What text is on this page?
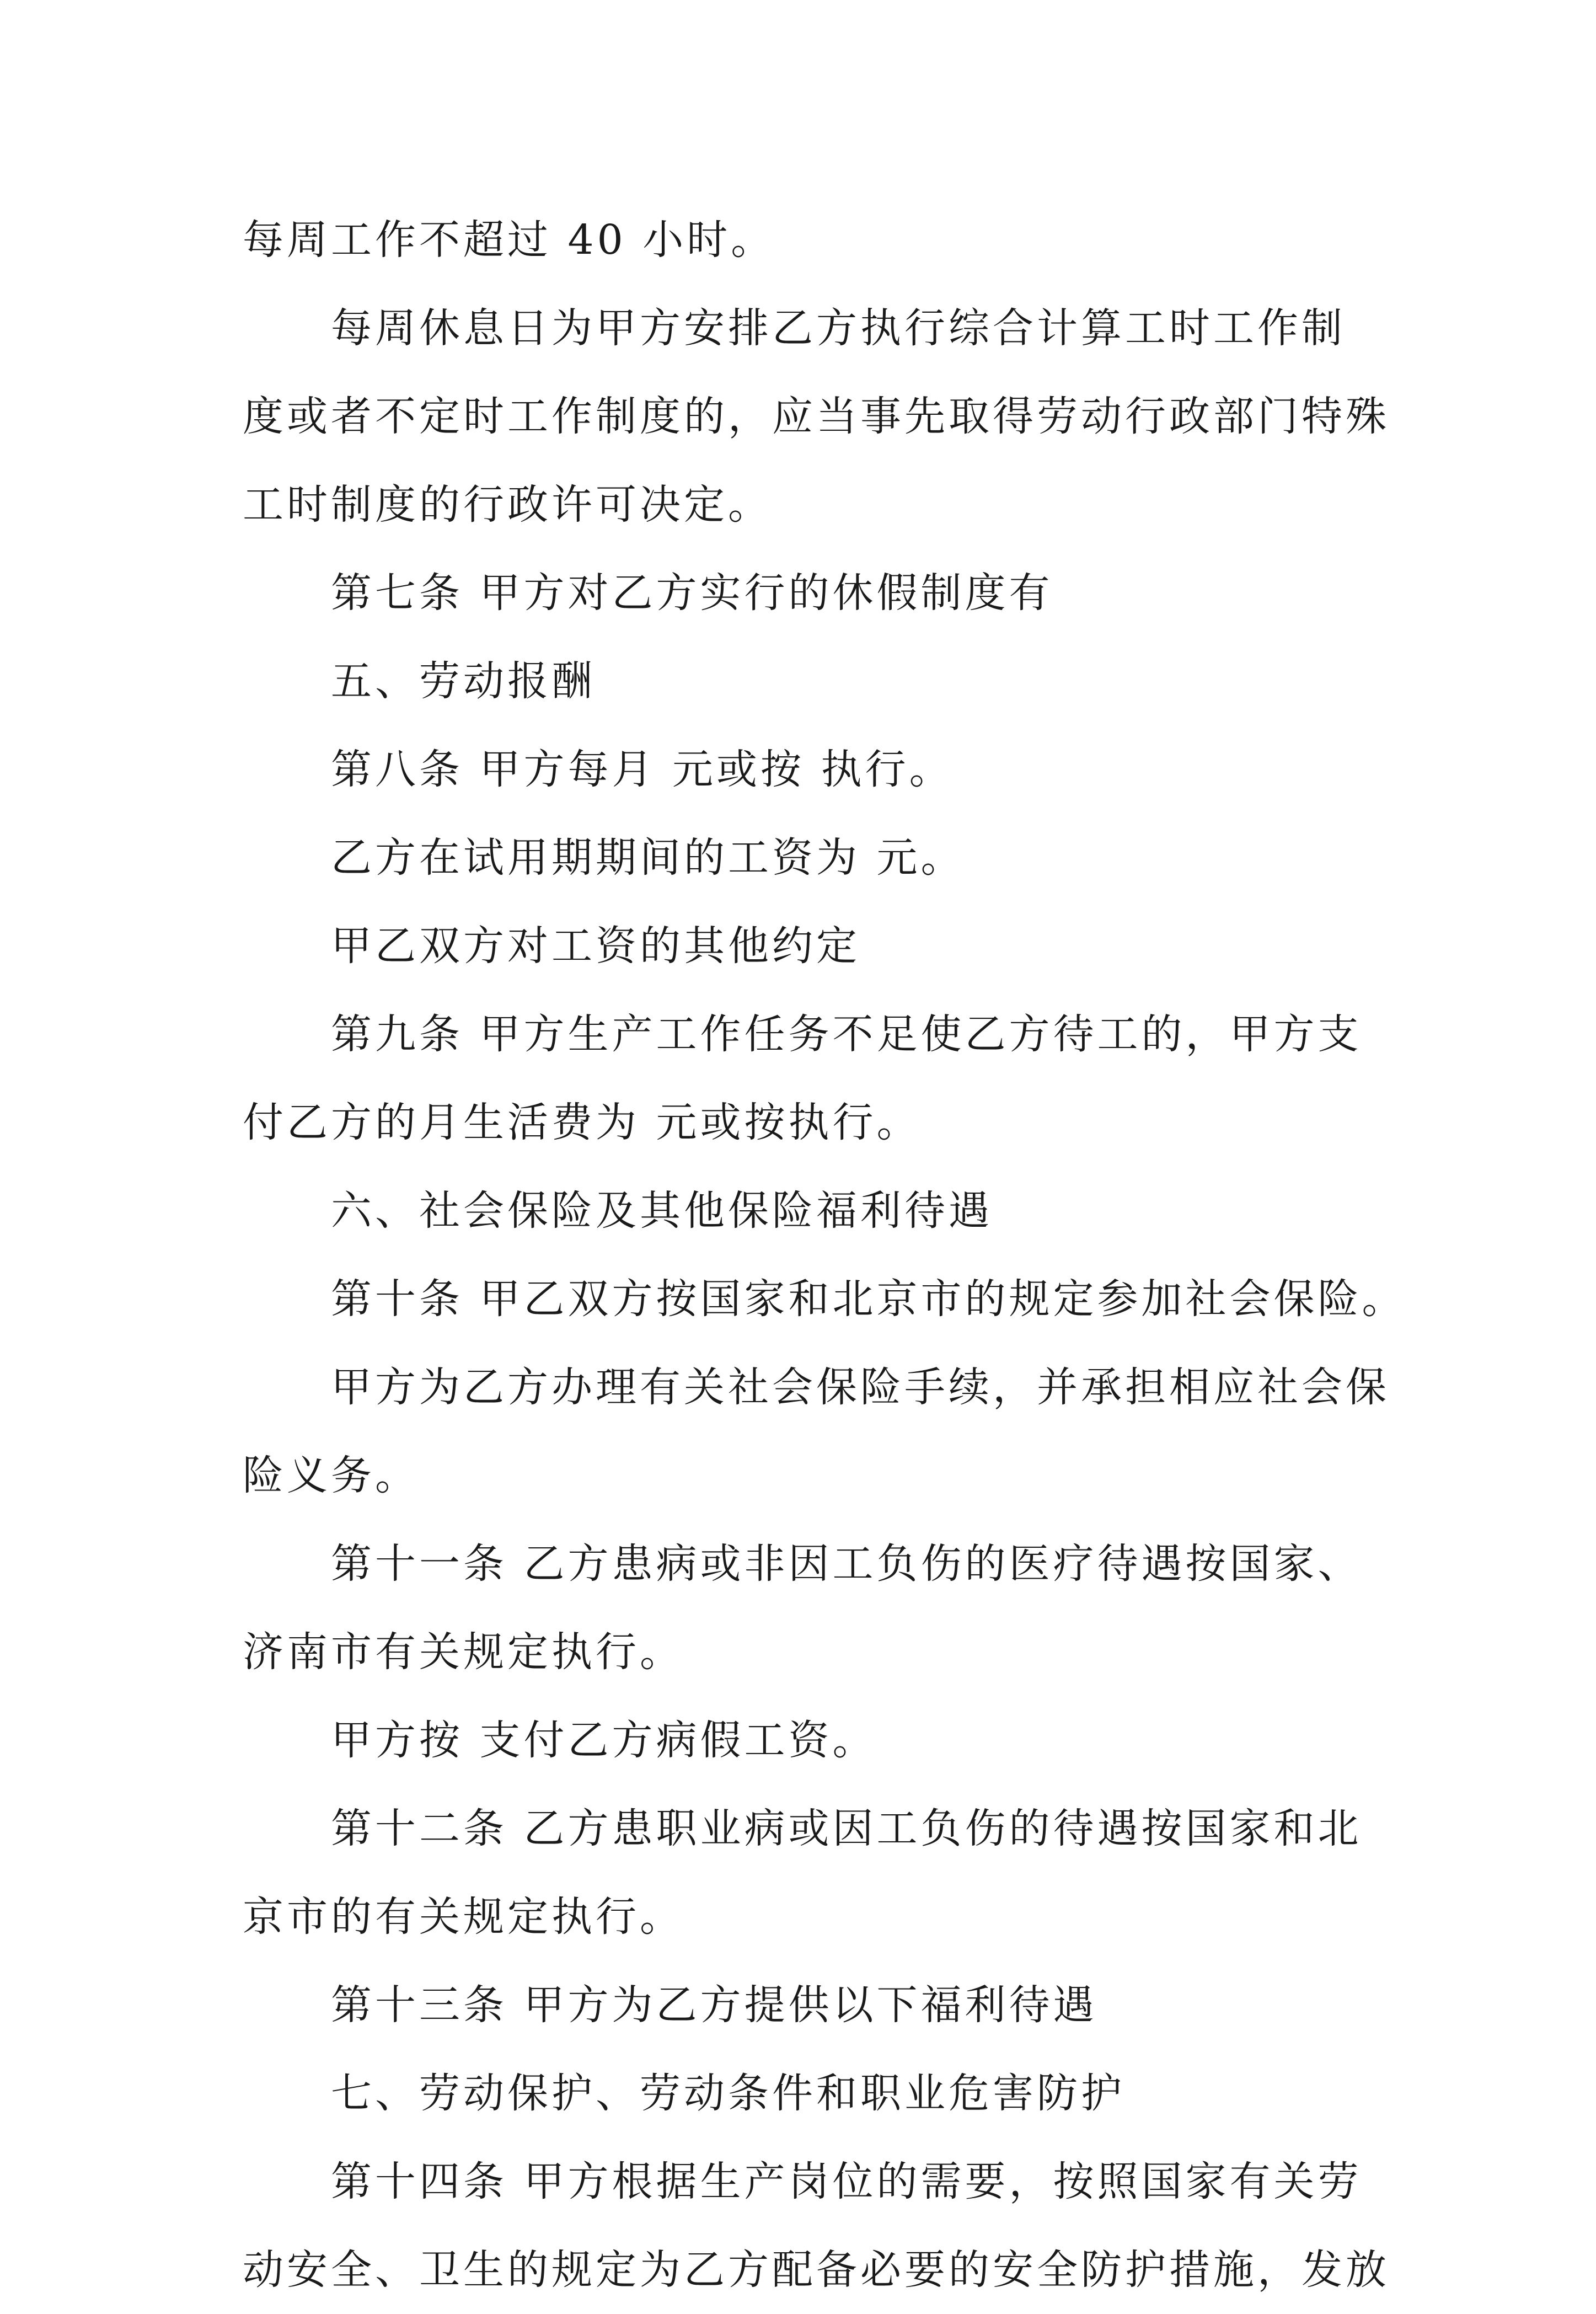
每周工作不超过 40 小时。

每周休息日为甲方安排乙方执行综合计算工时工作制

度或者不定时工作制度的，应当事先取得劳动行政部门特殊

工时制度的行政许可决定。

第七条 甲方对乙方实行的休假制度有

五、劳动报酬

第八条 甲方每月 元或按 执行。

乙方在试用期期间的工资为 元。

甲乙双方对工资的其他约定

第九条 甲方生产工作任务不足使乙方待工的，甲方支

付乙方的月生活费为 元或按执行。

六、社会保险及其他保险福利待遇

第十条 甲乙双方按国家和北京市的规定参加社会保险。

甲方为乙方办理有关社会保险手续，并承担相应社会保

险义务。

第十一条 乙方患病或非因工负伤的医疗待遇按国家、

济南市有关规定执行。

甲方按 支付乙方病假工资。

第十二条 乙方患职业病或因工负伤的待遇按国家和北

京市的有关规定执行。

第十三条 甲方为乙方提供以下福利待遇

七、劳动保护、劳动条件和职业危害防护

第十四条 甲方根据生产岗位的需要，按照国家有关劳

动安全、卫生的规定为乙方配备必要的安全防护措施，发放
